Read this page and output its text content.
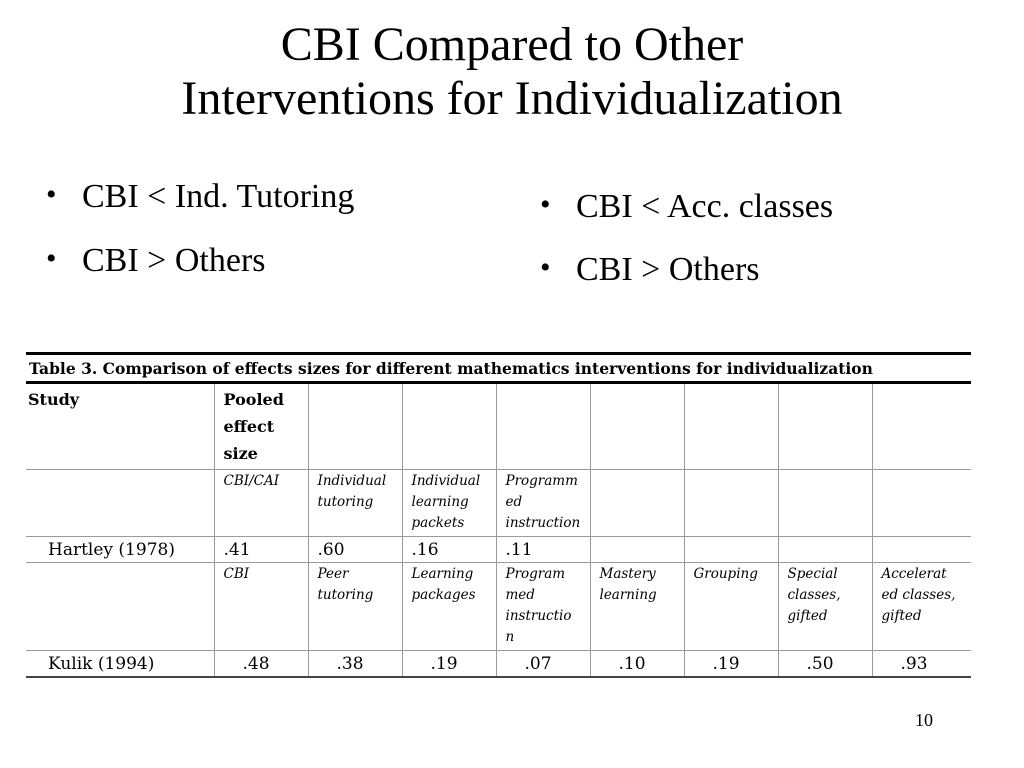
CBI Compared to Other
Interventions for Individualization
• CBI < Ind. Tutoring
• CBI > Others
• CBI < Acc. classes
• CBI > Others
Table 3. Comparison of effects sizes for different mathematics interventions for individualization								
Study	Pooled
effect
size							

	CBI/CAI	Individual tutoring	Individual learning packets	Programm ed instruction				
Hartley (1978)	.41	.60	.16	.11				
	CBI	Peer tutoring	Learning packages	Program med instructio n	Mastery learning	Grouping	Special classes, gifted	Accelerat ed classes, gifted
Kulik (1994)	.48	.38	.19	.07	.10	.19	.50	.93
10
